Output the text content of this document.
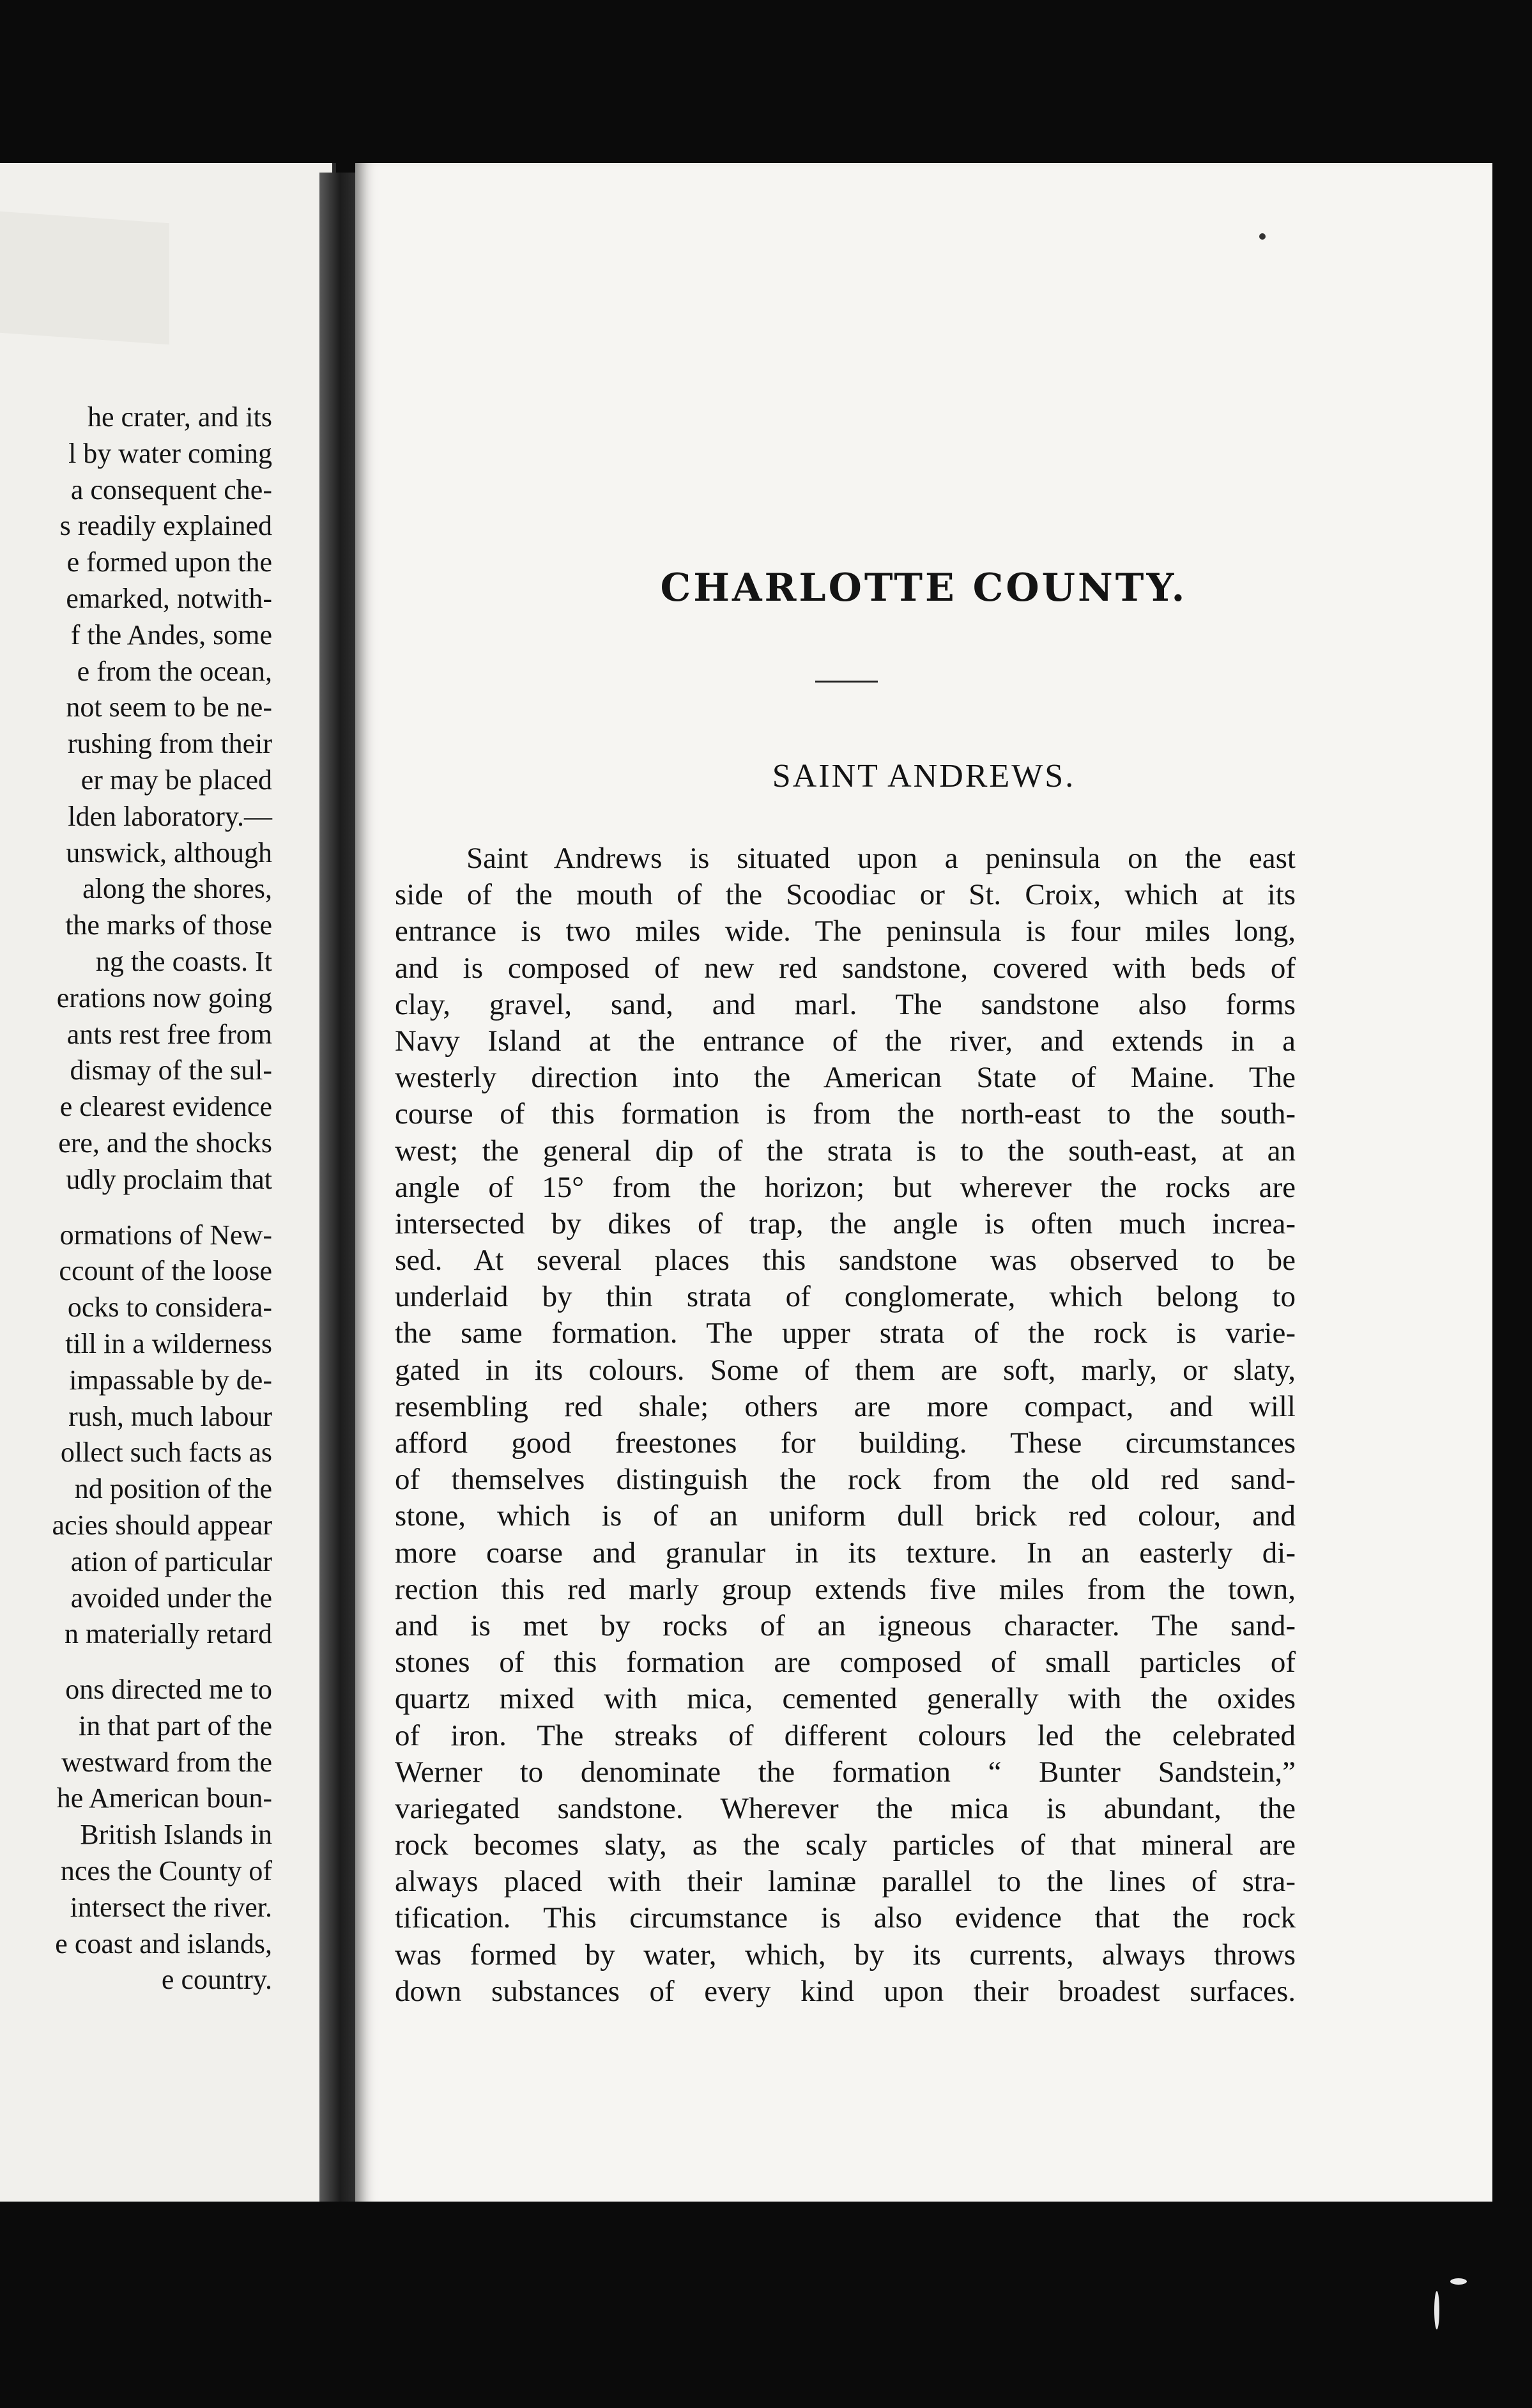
he crater, and its
l by water coming
a consequent che-
s readily explained
e formed upon the
emarked, notwith-
f the Andes, some
e from the ocean,
not seem to be ne-
rushing from their
er may be placed
lden laboratory.—
unswick, although
along the shores,
the marks of those
ng the coasts. It
erations now going
ants rest free from
dismay of the sul-
e clearest evidence
ere, and the shocks
udly proclaim that
ormations of New-
ccount of the loose
ocks to considera-
till in a wilderness
impassable by de-
rush, much labour
ollect such facts as
nd position of the
acies should appear
ation of particular
avoided under the
n materially retard
ons directed me to
in that part of the
westward from the
he American boun-
British Islands in
nces the County of
intersect the river.
e coast and islands,
e country.
CHARLOTTE COUNTY.
SAINT ANDREWS.
Saint Andrews is situated upon a peninsula on the east
side of the mouth of the Scoodiac or St. Croix, which at its
entrance is two miles wide. The peninsula is four miles long,
and is composed of new red sandstone, covered with beds of
clay, gravel, sand, and marl. The sandstone also forms
Navy Island at the entrance of the river, and extends in a
westerly direction into the American State of Maine. The
course of this formation is from the north-east to the south-
west; the general dip of the strata is to the south-east, at an
angle of 15° from the horizon; but wherever the rocks are
intersected by dikes of trap, the angle is often much increa-
sed. At several places this sandstone was observed to be
underlaid by thin strata of conglomerate, which belong to
the same formation. The upper strata of the rock is varie-
gated in its colours. Some of them are soft, marly, or slaty,
resembling red shale; others are more compact, and will
afford good freestones for building. These circumstances
of themselves distinguish the rock from the old red sand-
stone, which is of an uniform dull brick red colour, and
more coarse and granular in its texture. In an easterly di-
rection this red marly group extends five miles from the town,
and is met by rocks of an igneous character. The sand-
stones of this formation are composed of small particles of
quartz mixed with mica, cemented generally with the oxides
of iron. The streaks of different colours led the celebrated
Werner to denominate the formation “ Bunter Sandstein,”
variegated sandstone. Wherever the mica is abundant, the
rock becomes slaty, as the scaly particles of that mineral are
always placed with their laminæ parallel to the lines of stra-
tification. This circumstance is also evidence that the rock
was formed by water, which, by its currents, always throws
down substances of every kind upon their broadest surfaces.
